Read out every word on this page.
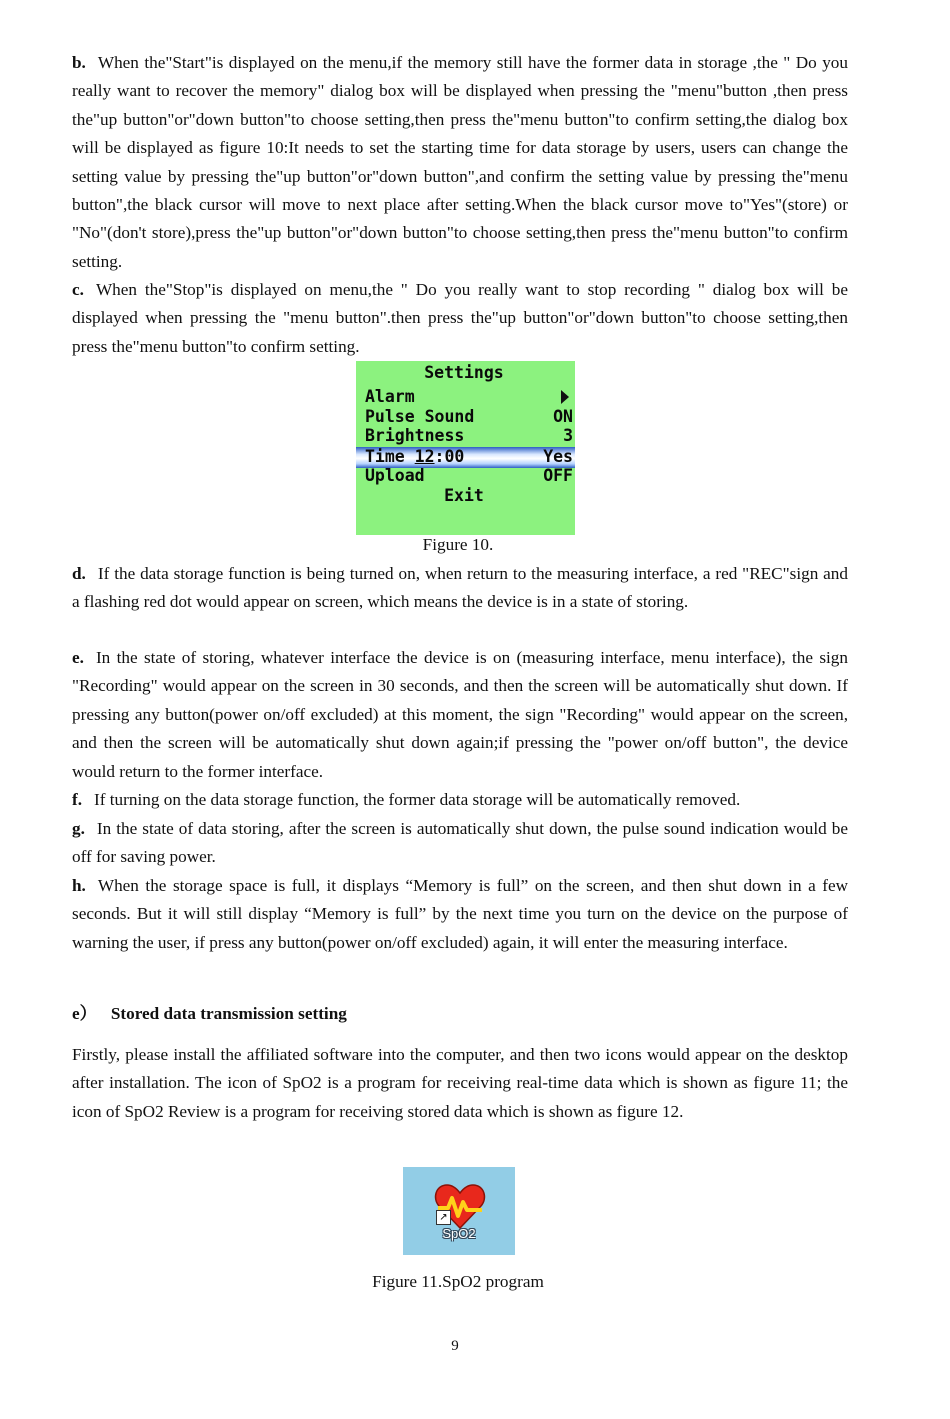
b. When the"Start"is displayed on the menu,if the memory still have the former data in storage ,the " Do you really want to recover the memory" dialog box will be displayed when pressing the "menu"button ,then press the"up button"or"down button"to choose setting,then press the"menu button"to confirm setting,the dialog box will be displayed as figure 10:It needs to set the starting time for data storage by users, users can change the setting value by pressing the"up button"or"down button",and confirm the setting value by pressing the"menu button",the black cursor will move to next place after setting.When the black cursor move to"Yes"(store) or "No"(don't store),press the"up button"or"down button"to choose setting,then press the"menu button"to confirm setting.

c. When the"Stop"is displayed on menu,the " Do you really want to stop recording " dialog box will be displayed when pressing the "menu button".then press the"up button"or"down button"to choose setting,then press the"menu button"to confirm setting.

Settings
Alarm
Pulse Sound	ON
Brightness	3
Time 12:00	Yes
Upload	OFF
Exit

Figure 10.

d. If the data storage function is being turned on, when return to the measuring interface, a red "REC"sign and a flashing red dot would appear on screen, which means the device is in a state of storing.

e. In the state of storing, whatever interface the device is on (measuring interface, menu interface), the sign "Recording" would appear on the screen in 30 seconds, and then the screen will be automatically shut down. If pressing any button(power on/off excluded) at this moment, the sign "Recording" would appear on the screen, and then the screen will be automatically shut down again;if pressing the "power on/off button", the device would return to the former interface.

f. If turning on the data storage function, the former data storage will be automatically removed.

g. In the state of data storing, after the screen is automatically shut down, the pulse sound indication would be off for saving power.

h. When the storage space is full, it displays “Memory is full” on the screen, and then shut down in a few seconds. But it will still display “Memory is full” by the next time you turn on the device on the purpose of warning the user, if press any button(power on/off excluded) again, it will enter the measuring interface.

e） Stored data transmission setting

Firstly, please install the affiliated software into the computer, and then two icons would appear on the desktop after installation. The icon of SpO2 is a program for receiving real-time data which is shown as figure 11; the icon of SpO2 Review is a program for receiving stored data which is shown as figure 12.

↗
SpO2

Figure 11.SpO2 program

9
